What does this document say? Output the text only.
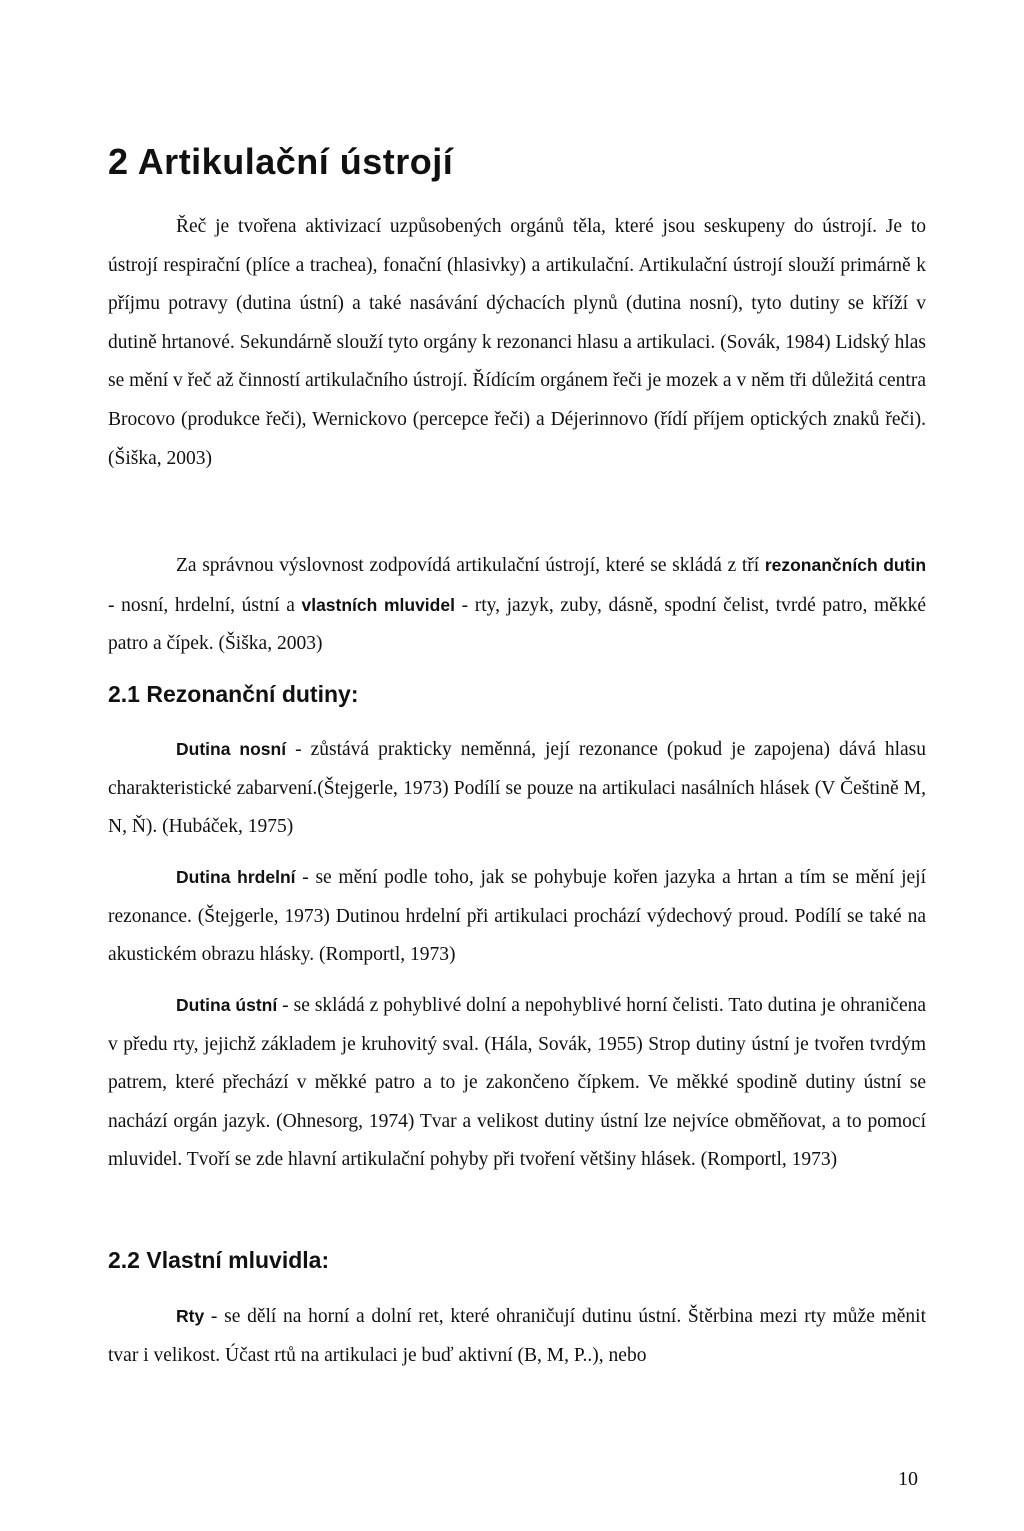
2 Artikulační ústrojí

Řeč je tvořena aktivizací uzpůsobených orgánů těla, které jsou seskupeny do ústrojí. Je to ústrojí respirační (plíce a trachea), fonační (hlasivky) a artikulační. Artikulační ústrojí slouží primárně k příjmu potravy (dutina ústní) a také nasávání dýchacích plynů (dutina nosní), tyto dutiny se kříží v dutině hrtanové. Sekundárně slouží tyto orgány k rezonanci hlasu a artikulaci. (Sovák, 1984) Lidský hlas se mění v řeč až činností artikulačního ústrojí. Řídícím orgánem řeči je mozek a v něm tři důležitá centra Brocovo (produkce řeči), Wernickovo (percepce řeči) a Déjerinnovo (řídí příjem optických znaků řeči). (Šiška, 2003)

Za správnou výslovnost zodpovídá artikulační ústrojí, které se skládá z tří rezonančních dutin - nosní, hrdelní, ústní a vlastních mluvidel - rty, jazyk, zuby, dásně, spodní čelist, tvrdé patro, měkké patro a čípek. (Šiška, 2003)

2.1 Rezonanční dutiny:

Dutina nosní - zůstává prakticky neměnná, její rezonance (pokud je zapojena) dává hlasu charakteristické zabarvení.(Štejgerle, 1973) Podílí se pouze na artikulaci nasálních hlásek (V Češtině M, N, Ň). (Hubáček, 1975)

Dutina hrdelní - se mění podle toho, jak se pohybuje kořen jazyka a hrtan a tím se mění její rezonance. (Štejgerle, 1973) Dutinou hrdelní při artikulaci prochází výdechový proud. Podílí se také na akustickém obrazu hlásky. (Romportl, 1973)

Dutina ústní - se skládá z pohyblivé dolní a nepohyblivé horní čelisti. Tato dutina je ohraničena v předu rty, jejichž základem je kruhovitý sval. (Hála, Sovák, 1955) Strop dutiny ústní je tvořen tvrdým patrem, které přechází v měkké patro a to je zakončeno čípkem. Ve měkké spodině dutiny ústní se nachází orgán jazyk. (Ohnesorg, 1974) Tvar a velikost dutiny ústní lze nejvíce obměňovat, a to pomocí mluvidel. Tvoří se zde hlavní artikulační pohyby při tvoření většiny hlásek. (Romportl, 1973)

2.2 Vlastní mluvidla:

Rty - se dělí na horní a dolní ret, které ohraničují dutinu ústní. Štěrbina mezi rty může měnit tvar i velikost. Účast rtů na artikulaci je buď aktivní (B, M, P..), nebo

10
